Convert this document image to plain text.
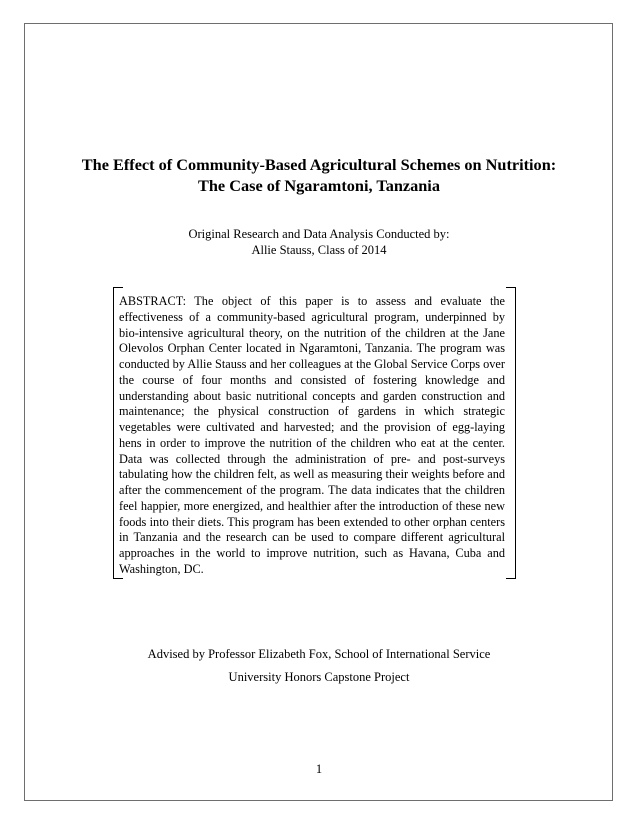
The Effect of Community-Based Agricultural Schemes on Nutrition:
The Case of Ngaramtoni, Tanzania
Original Research and Data Analysis Conducted by:
Allie Stauss, Class of 2014

ABSTRACT: The object of this paper is to assess and evaluate the effectiveness of a community-based agricultural program, underpinned by bio-intensive agricultural theory, on the nutrition of the children at the Jane Olevolos Orphan Center located in Ngaramtoni, Tanzania. The program was conducted by Allie Stauss and her colleagues at the Global Service Corps over the course of four months and consisted of fostering knowledge and understanding about basic nutritional concepts and garden construction and maintenance; the physical construction of gardens in which strategic vegetables were cultivated and harvested; and the provision of egg-laying hens in order to improve the nutrition of the children who eat at the center. Data was collected through the administration of pre- and post-surveys tabulating how the children felt, as well as measuring their weights before and after the commencement of the program. The data indicates that the children feel happier, more energized, and healthier after the introduction of these new foods into their diets. This program has been extended to other orphan centers in Tanzania and the research can be used to compare different agricultural approaches in the world to improve nutrition, such as Havana, Cuba and Washington, DC.

Advised by Professor Elizabeth Fox, School of International Service
University Honors Capstone Project
1
